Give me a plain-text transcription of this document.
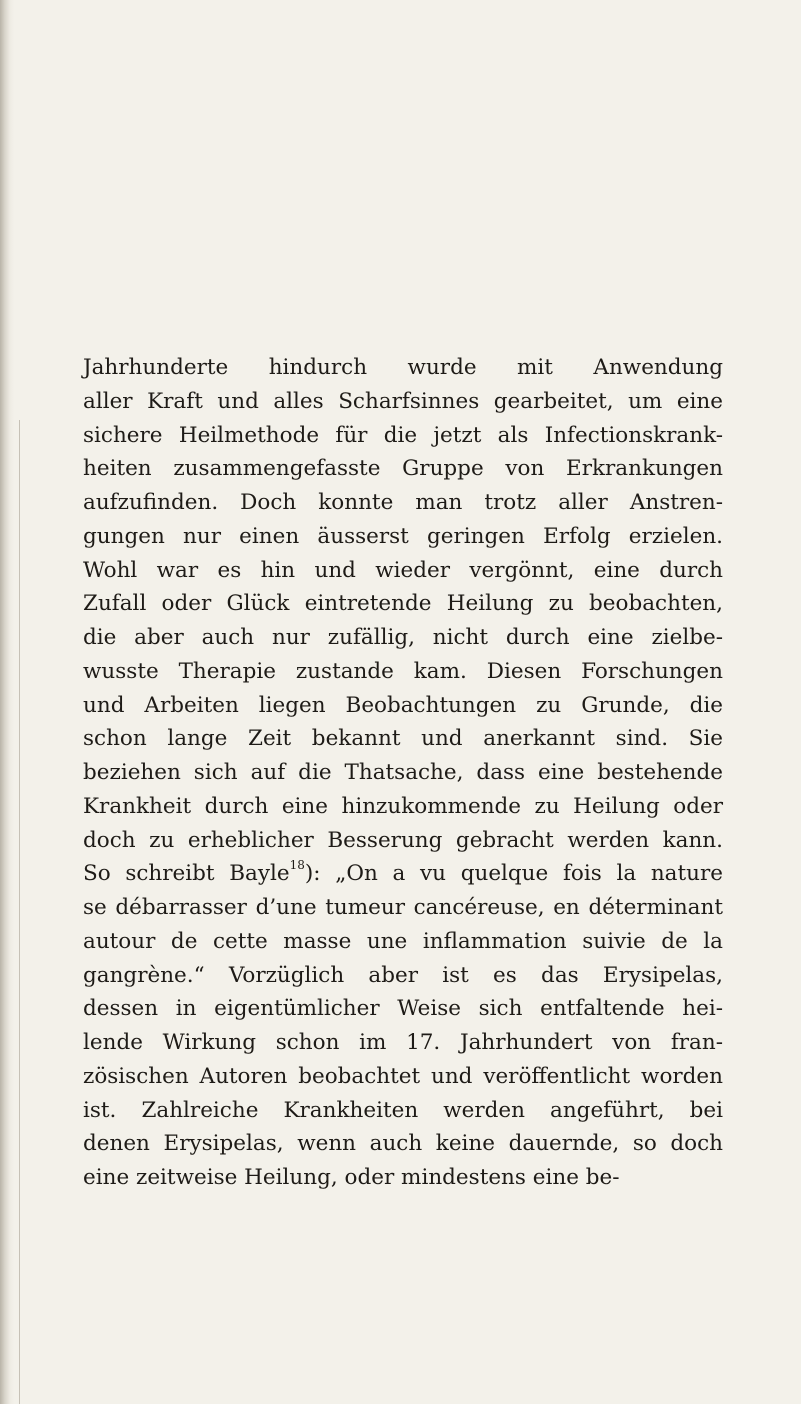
Jahrhunderte hindurch wurde mit Anwendung
aller Kraft und alles Scharfsinnes gearbeitet, um eine
sichere Heilmethode für die jetzt als Infectionskrank-
heiten zusammengefasste Gruppe von Erkrankungen
aufzufinden. Doch konnte man trotz aller Anstren-
gungen nur einen äusserst geringen Erfolg erzielen.
Wohl war es hin und wieder vergönnt, eine durch
Zufall oder Glück eintretende Heilung zu beobachten,
die aber auch nur zufällig, nicht durch eine zielbe-
wusste Therapie zustande kam. Diesen Forschungen
und Arbeiten liegen Beobachtungen zu Grunde, die
schon lange Zeit bekannt und anerkannt sind. Sie
beziehen sich auf die Thatsache, dass eine bestehende
Krankheit durch eine hinzukommende zu Heilung oder
doch zu erheblicher Besserung gebracht werden kann.
So schreibt Bayle$^{18}$): „On a vu quelque fois la nature
se débarrasser d’une tumeur cancéreuse, en déterminant
autour de cette masse une inflammation suivie de la
gangrène.“ Vorzüglich aber ist es das Erysipelas,
dessen in eigentümlicher Weise sich entfaltende hei-
lende Wirkung schon im 17. Jahrhundert von fran-
zösischen Autoren beobachtet und veröffentlicht worden
ist. Zahlreiche Krankheiten werden angeführt, bei
denen Erysipelas, wenn auch keine dauernde, so doch
eine zeitweise Heilung, oder mindestens eine be-
